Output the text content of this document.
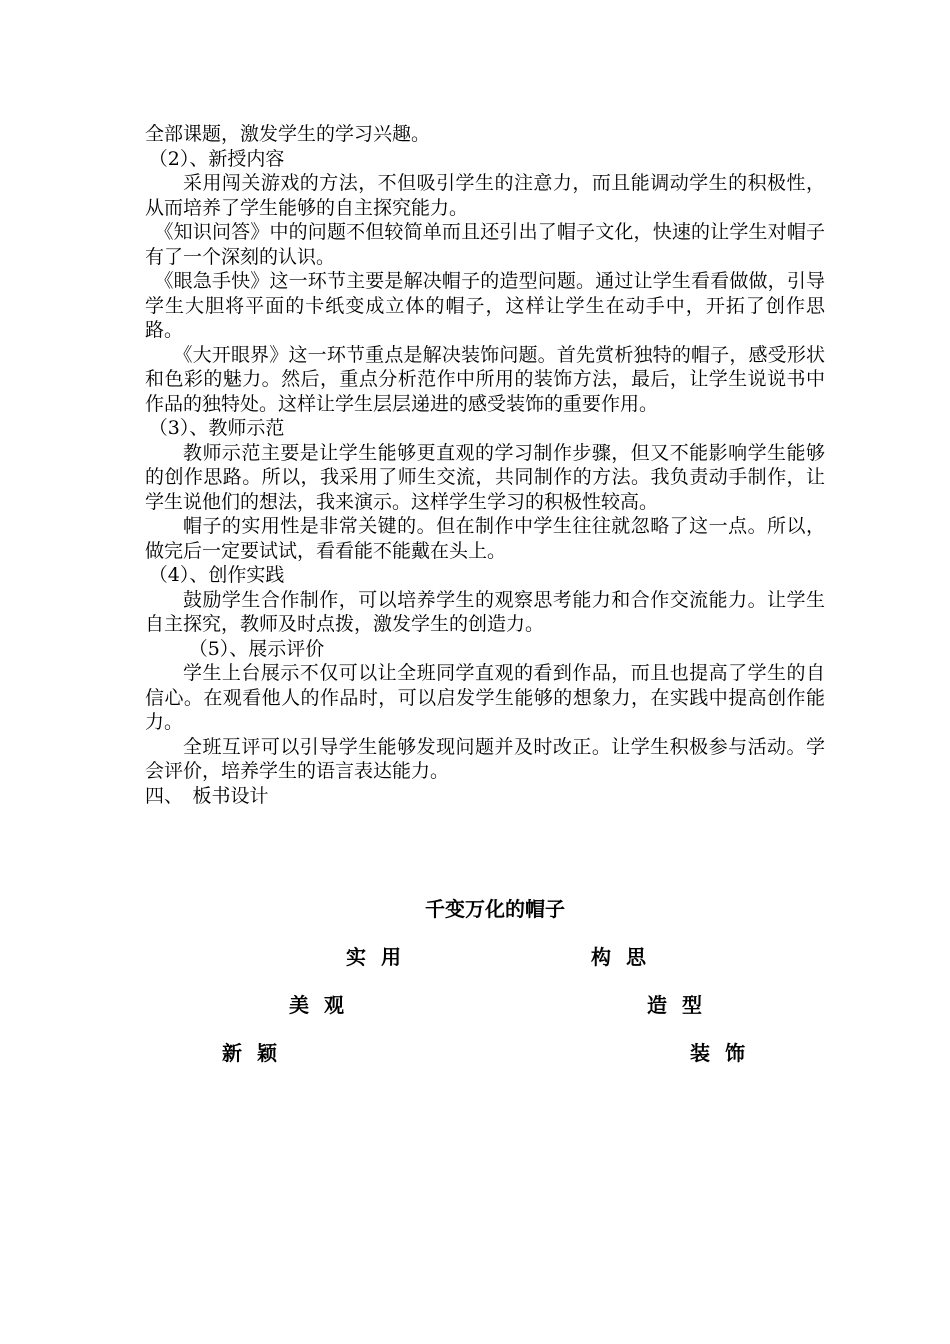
全部课题，激发学生的学习兴趣。

（2）、新授内容

采用闯关游戏的方法，不但吸引学生的注意力，而且能调动学生的积极性，从而培养了学生能够的自主探究能力。

《知识问答》中的问题不但较简单而且还引出了帽子文化，快速的让学生对帽子有了一个深刻的认识。

《眼急手快》这一环节主要是解决帽子的造型问题。通过让学生看看做做，引导学生大胆将平面的卡纸变成立体的帽子，这样让学生在动手中，开拓了创作思路。

《大开眼界》这一环节重点是解决装饰问题。首先赏析独特的帽子，感受形状和色彩的魅力。然后，重点分析范作中所用的装饰方法，最后，让学生说说书中作品的独特处。这样让学生层层递进的感受装饰的重要作用。

（3）、教师示范

教师示范主要是让学生能够更直观的学习制作步骤，但又不能影响学生能够的创作思路。所以，我采用了师生交流，共同制作的方法。我负责动手制作，让学生说他们的想法，我来演示。这样学生学习的积极性较高。

帽子的实用性是非常关键的。但在制作中学生往往就忽略了这一点。所以，做完后一定要试试，看看能不能戴在头上。

（4）、创作实践

鼓励学生合作制作，可以培养学生的观察思考能力和合作交流能力。让学生自主探究，教师及时点拨，激发学生的创造力。

（5）、展示评价

学生上台展示不仅可以让全班同学直观的看到作品，而且也提高了学生的自信心。在观看他人的作品时，可以启发学生能够的想象力，在实践中提高创作能力。

全班互评可以引导学生能够发现问题并及时改正。让学生积极参与活动。学会评价，培养学生的语言表达能力。

四、　板书设计

千变万化的帽子
实 用	构 思
美 观	造 型
新 颖	装 饰
